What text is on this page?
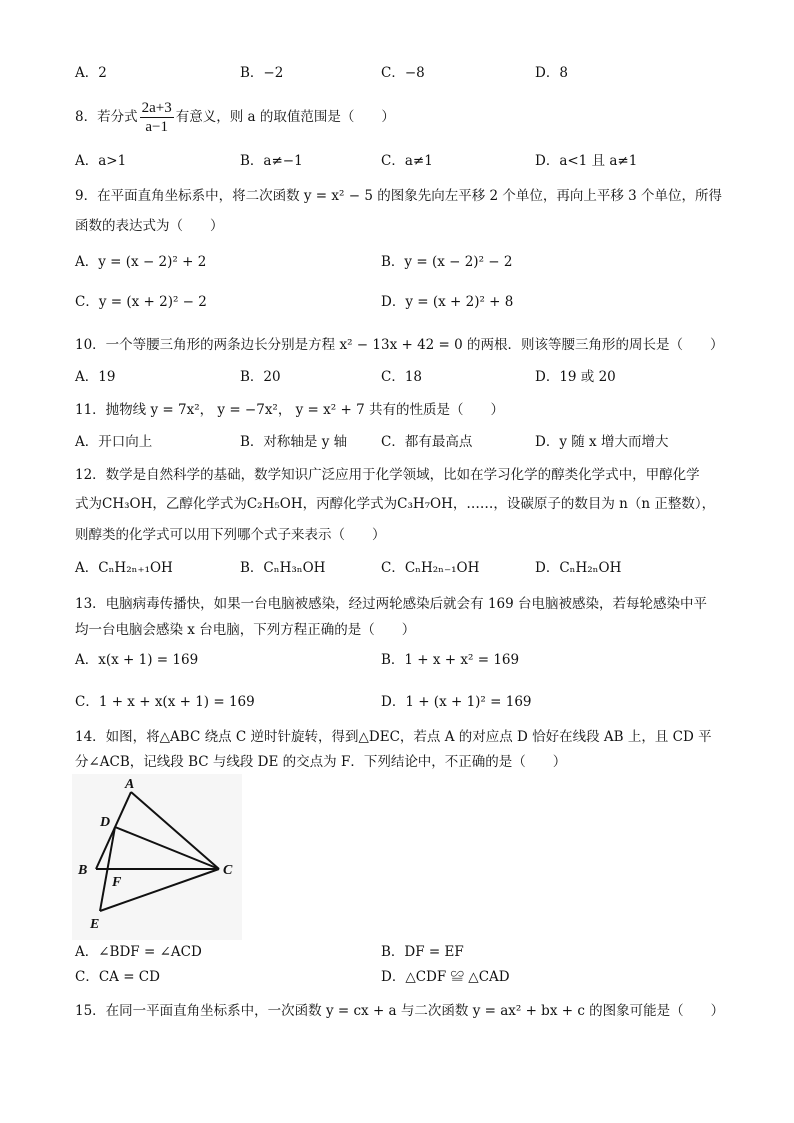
A．2	B．−2	C．−8	D．8
8．若分式 $\frac{2a+3}{a-1}$ 有意义，则 a 的取值范围是（　　）
A．a>1	B．a≠−1	C．a≠1	D．a<1 且 a≠1
9．在平面直角坐标系中，将二次函数 y = x² − 5 的图象先向左平移 2 个单位，再向上平移 3 个单位，所得
函数的表达式为（　　）
A．y = (x − 2)² + 2	B．y = (x − 2)² − 2
C．y = (x + 2)² − 2	D．y = (x + 2)² + 8
10．一个等腰三角形的两条边长分别是方程 x² − 13x + 42 = 0 的两根．则该等腰三角形的周长是（　　）
A．19	B．20	C．18	D．19 或 20
11．抛物线 y = 7x²， y = −7x²， y = x² + 7 共有的性质是（　　）
A．开口向上	B．对称轴是 y 轴	C．都有最高点	D．y 随 x 增大而增大
12．数学是自然科学的基础，数学知识广泛应用于化学领域，比如在学习化学的醇类化学式中，甲醇化学
式为CH₃OH，乙醇化学式为C₂H₅OH，丙醇化学式为C₃H₇OH，……，设碳原子的数目为 n（n 正整数），
则醇类的化学式可以用下列哪个式子来表示（　　）
A．CₙH₂ₙ₊₁OH	B．CₙH₃ₙOH	C．CₙH₂ₙ₋₁OH	D．CₙH₂ₙOH
13．电脑病毒传播快，如果一台电脑被感染，经过两轮感染后就会有 169 台电脑被感染，若每轮感染中平
均一台电脑会感染 x 台电脑，下列方程正确的是（　　）
A．x(x + 1) = 169	B．1 + x + x² = 169
C．1 + x + x(x + 1) = 169	D．1 + (x + 1)² = 169
14．如图，将△ABC 绕点 C 逆时针旋转，得到△DEC，若点 A 的对应点 D 恰好在线段 AB 上，且 CD 平
分∠ACB，记线段 BC 与线段 DE 的交点为 F．下列结论中，不正确的是（　　）
A
B	C
D
E
F
A．∠BDF = ∠ACD	B．DF = EF
C．CA = CD	D．△CDF ≌ △CAD
15．在同一平面直角坐标系中，一次函数 y = cx + a 与二次函数 y = ax² + bx + c 的图象可能是（　　）
